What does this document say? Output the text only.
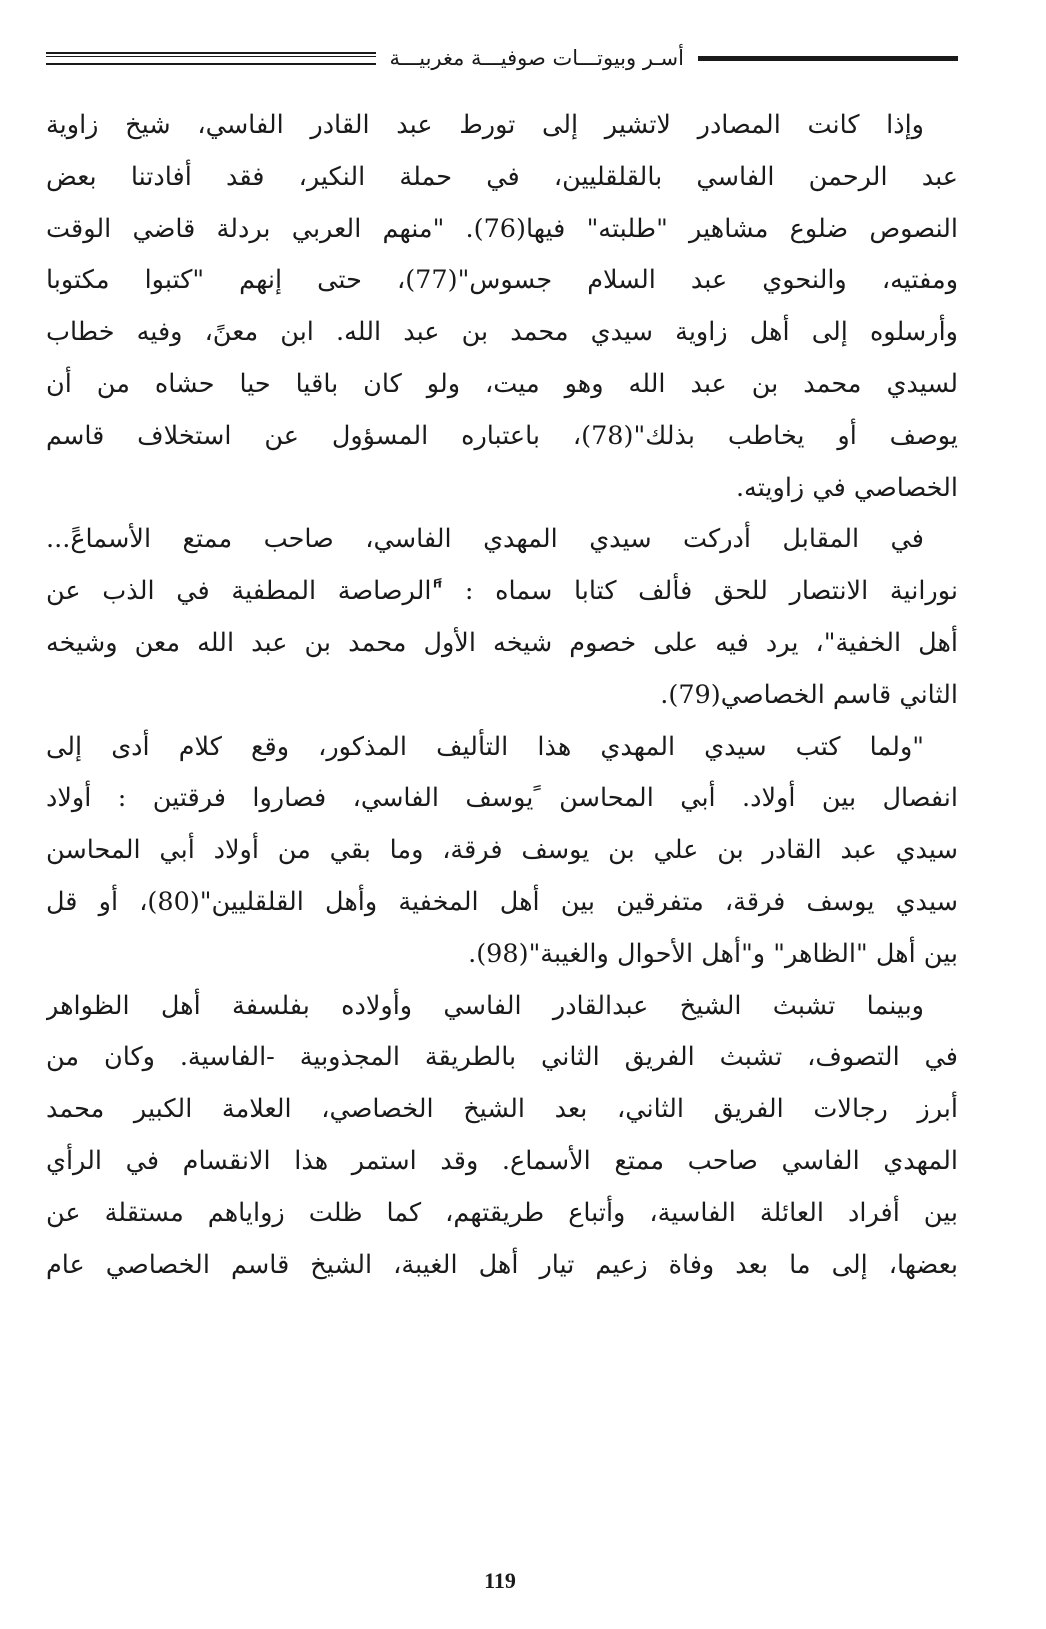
أسـر وبيوتـــات صوفيـــة مغربيـــة
وإذا كانت المصادر لاتشير إلى تورط عبد القادر الفاسي، شيخ زاوية
عبد الرحمن الفاسي بالقلقليين، في حملة النكير، فقد أفادتنا بعض
النصوص ضلوع مشاهير "طلبته" فيها(76). "منهم العربي بردلة قاضي الوقت
ومفتيه، والنحوي عبد السلام جسوس"(77)، حتى إنهم "كتبوا مكتوبا
وأرسلوه إلى أهل زاوية سيدي محمد بن عبد الله. ابن معنً، وفيه خطاب
لسيدي محمد بن عبد الله وهو ميت، ولو كان باقيا حيا حشاه من أن
يوصف أو يخاطب بذلك"(78)، باعتباره المسؤول عن استخلاف قاسم
الخصاصي في زاويته.
في المقابل أدركت سيدي المهدي الفاسي، صاحب ممتع الأسماعً...
نورانية الانتصار للحق فألف كتابا سماه : "ًالرصاصة المطفية في الذب عن
أهل الخفية"، يرد فيه على خصوم شيخه الأول محمد بن عبد الله معن وشيخه
الثاني قاسم الخصاصي(79).
"ولما كتب سيدي المهدي هذا التأليف المذكور، وقع كلام أدى إلى
انفصال بين أولاد. أبي المحاسن ًيوسف الفاسي، فصاروا فرقتين : أولاد
سيدي عبد القادر بن علي بن يوسف فرقة، وما بقي من أولاد أبي المحاسن
ًسيدي يوسف فرقة، متفرقين بين أهل المخفية وأهل القلقليين"(80)، أو قل
بين أهل "الظاهر" و"أهل الأحوال والغيبة"(98).
وبينما تشبث الشيخ عبدالقادر الفاسي وأولاده بفلسفة أهل الظواهر
في التصوف، تشبث الفريق الثاني بالطريقة المجذوبية -الفاسية. وكان من
أبرز رجالات الفريق الثاني، بعد الشيخ الخصاصي، العلامة الكبير محمد
المهدي الفاسي صاحب ممتع الأسماع. وقد استمر هذا الانقسام في الرأي
بين أفراد العائلة الفاسية، وأتباع طريقتهم، كما ظلت زواياهم مستقلة عن
بعضها، إلى ما بعد وفاة زعيم تيار أهل الغيبة، الشيخ قاسم الخصاصي عام
119
